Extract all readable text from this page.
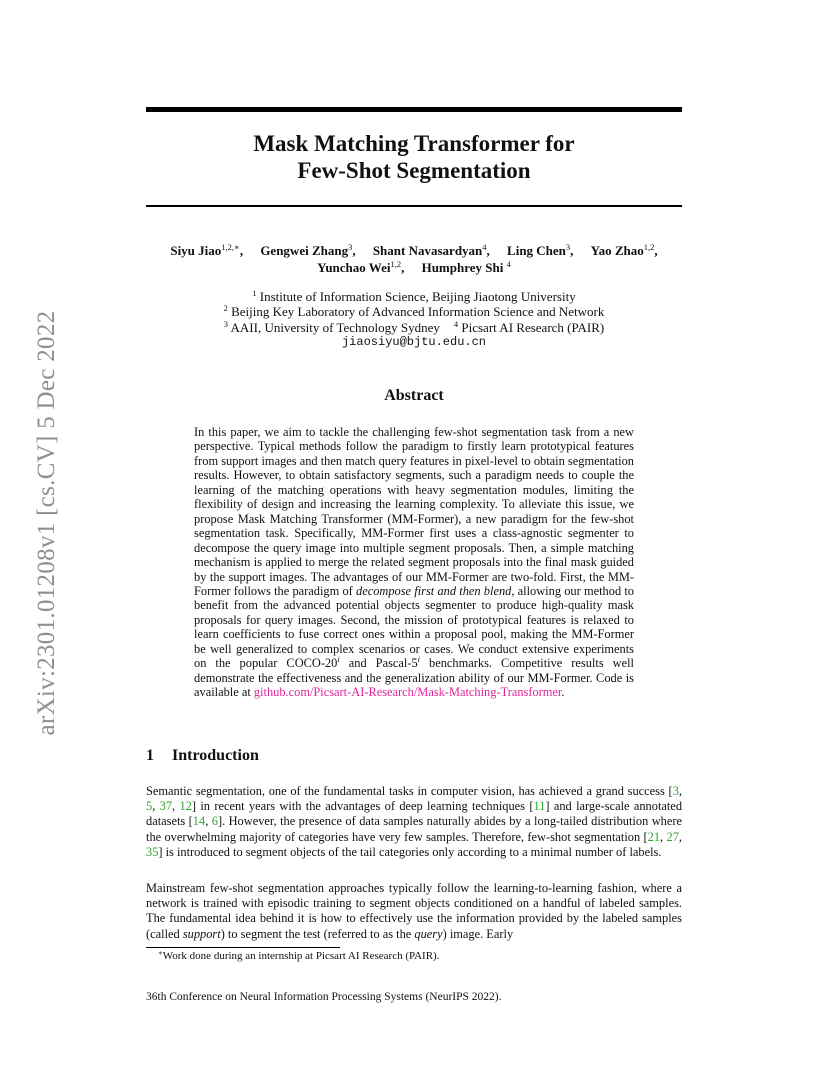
arXiv:2301.01208v1 [cs.CV] 5 Dec 2022
Mask Matching Transformer for
Few-Shot Segmentation
Siyu Jiao$^{1,2,∗}$, Gengwei Zhang$^3$, Shant Navasardyan$^4$, Ling Chen$^3$, Yao Zhao$^{1,2}$,
Yunchao Wei$^{1,2}$, Humphrey Shi $^4$
$^1$ Institute of Information Science, Beijing Jiaotong University
$^2$ Beijing Key Laboratory of Advanced Information Science and Network
$^3$ AAII, University of Technology Sydney $^4$ Picsart AI Research (PAIR)
jiaosiyu@bjtu.edu.cn
Abstract
In this paper, we aim to tackle the challenging few-shot segmentation task from a new perspective. Typical methods follow the paradigm to firstly learn prototypical features from support images and then match query features in pixel-level to obtain segmentation results. However, to obtain satisfactory segments, such a paradigm needs to couple the learning of the matching operations with heavy segmentation modules, limiting the flexibility of design and increasing the learning complexity. To alleviate this issue, we propose Mask Matching Transformer (MM-Former), a new paradigm for the few-shot segmentation task. Specifically, MM-Former first uses a class-agnostic segmenter to decompose the query image into multiple segment proposals. Then, a simple matching mechanism is applied to merge the related segment proposals into the final mask guided by the support images. The advantages of our MM-Former are two-fold. First, the MM-Former follows the paradigm of decompose first and then blend, allowing our method to benefit from the advanced potential objects segmenter to produce high-quality mask proposals for query images. Second, the mission of prototypical features is relaxed to learn coefficients to fuse correct ones within a proposal pool, making the MM-Former be well generalized to complex scenarios or cases. We conduct extensive experiments on the popular COCO-20$^i$ and Pascal-5$^i$ benchmarks. Competitive results well demonstrate the effectiveness and the generalization ability of our MM-Former. Code is available at github.com/Picsart-AI-Research/Mask-Matching-Transformer.
1 Introduction
Semantic segmentation, one of the fundamental tasks in computer vision, has achieved a grand success [3, 5, 37, 12] in recent years with the advantages of deep learning techniques [11] and large-scale annotated datasets [14, 6]. However, the presence of data samples naturally abides by a long-tailed distribution where the overwhelming majority of categories have very few samples. Therefore, few-shot segmentation [21, 27, 35] is introduced to segment objects of the tail categories only according to a minimal number of labels.
Mainstream few-shot segmentation approaches typically follow the learning-to-learning fashion, where a network is trained with episodic training to segment objects conditioned on a handful of labeled samples. The fundamental idea behind it is how to effectively use the information provided by the labeled samples (called support) to segment the test (referred to as the query) image. Early
∗Work done during an internship at Picsart AI Research (PAIR).
36th Conference on Neural Information Processing Systems (NeurIPS 2022).
